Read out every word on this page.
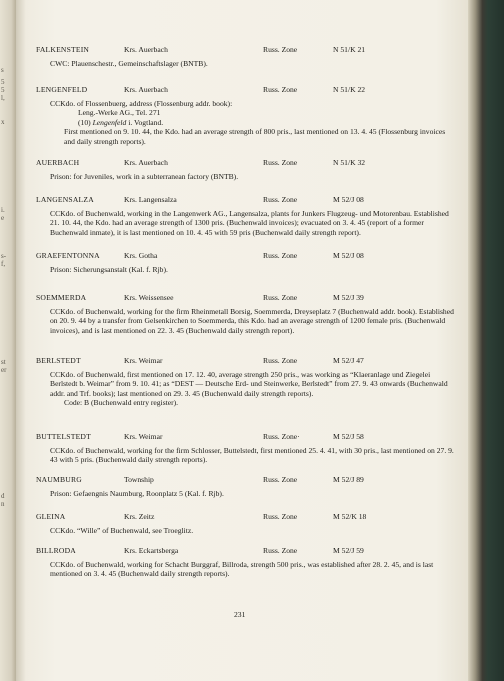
s
5
5
l,
x
i.
e
s-
f,
st
er
d
n
FALKENSTEIN	Krs. Auerbach	Russ. Zone	N 51/K 21

CWC: Plauenschestr., Gemeinschaftslager (BNTB).

LENGENFELD	Krs. Auerbach	Russ. Zone	N 51/K 22

CCKdo. of Flossenbuerg, address (Flossenburg addr. book):

Leng.-Werke AG., Tel. 271

(10) Lengenfeld i. Vogtland.

First mentioned on 9. 10. 44, the Kdo. had an average strength of 800 pris., last mentioned on 13. 4. 45 (Flossenburg invoices and daily strength reports).

AUERBACH	Krs. Auerbach	Russ. Zone	N 51/K 32

Prison: for Juveniles, work in a subterranean factory (BNTB).

LANGENSALZA	Krs. Langensalza	Russ. Zone	M 52/J 08

CCKdo. of Buchenwald, working in the Langenwerk AG., Langensalza, plants for Junkers Flugzeug- und Motorenbau. Established 21. 10. 44, the Kdo. had an average strength of 1300 pris. (Buchenwald invoices); evacuated on 3. 4. 45 (report of a former Buchenwald inmate), it is last mentioned on 10. 4. 45 with 59 pris (Buchenwald daily strength report).

GRAEFENTONNA	Krs. Gotha	Russ. Zone	M 52/J 08

Prison: Sicherungsanstalt (Kal. f. Rjb).

SOEMMERDA	Krs. Weissensee	Russ. Zone	M 52/J 39

CCKdo. of Buchenwald, working for the firm Rheinmetall Borsig, Soemmerda, Dreyseplatz 7 (Buchenwald addr. book). Established on 20. 9. 44 by a transfer from Gelsenkirchen to Soemmerda, this Kdo. had an average strength of 1200 female pris. (Buchenwald invoices), and is last mentioned on 22. 3. 45 (Buchenwald daily strength report).

BERLSTEDT	Krs. Weimar	Russ. Zone	M 52/J 47

CCKdo. of Buchenwald, first mentioned on 17. 12. 40, average strength 250 pris., was working as “Klaeranlage und Ziegelei Berlstedt b. Weimar” from 9. 10. 41; as “DEST — Deutsche Erd- und Steinwerke, Berlstedt” from 27. 9. 43 onwards (Buchenwald addr. and Trf. books); last mentioned on 29. 3. 45 (Buchenwald daily strength reports).

Code: B (Buchenwald entry register).

BUTTELSTEDT	Krs. Weimar	Russ. Zone·	M 52/J 58

CCKdo. of Buchenwald, working for the firm Schlosser, Buttelstedt, first mentioned 25. 4. 41, with 30 pris., last mentioned on 27. 9. 43 with 5 pris. (Buchenwald daily strength reports).

NAUMBURG	Township	Russ. Zone	M 52/J 89

Prison: Gefaengnis Naumburg, Roonplatz 5 (Kal. f. Rjb).

GLEINA	Krs. Zeitz	Russ. Zone	M 52/K 18

CCKdo. “Wille” of Buchenwald, see Troeglitz.

BILLRODA	Krs. Eckartsberga	Russ. Zone	M 52/J 59

CCKdo. of Buchenwald, working for Schacht Burggraf, Billroda, strength 500 pris., was established after 28. 2. 45, and is last mentioned on 3. 4. 45 (Buchenwald daily strength reports).

231
